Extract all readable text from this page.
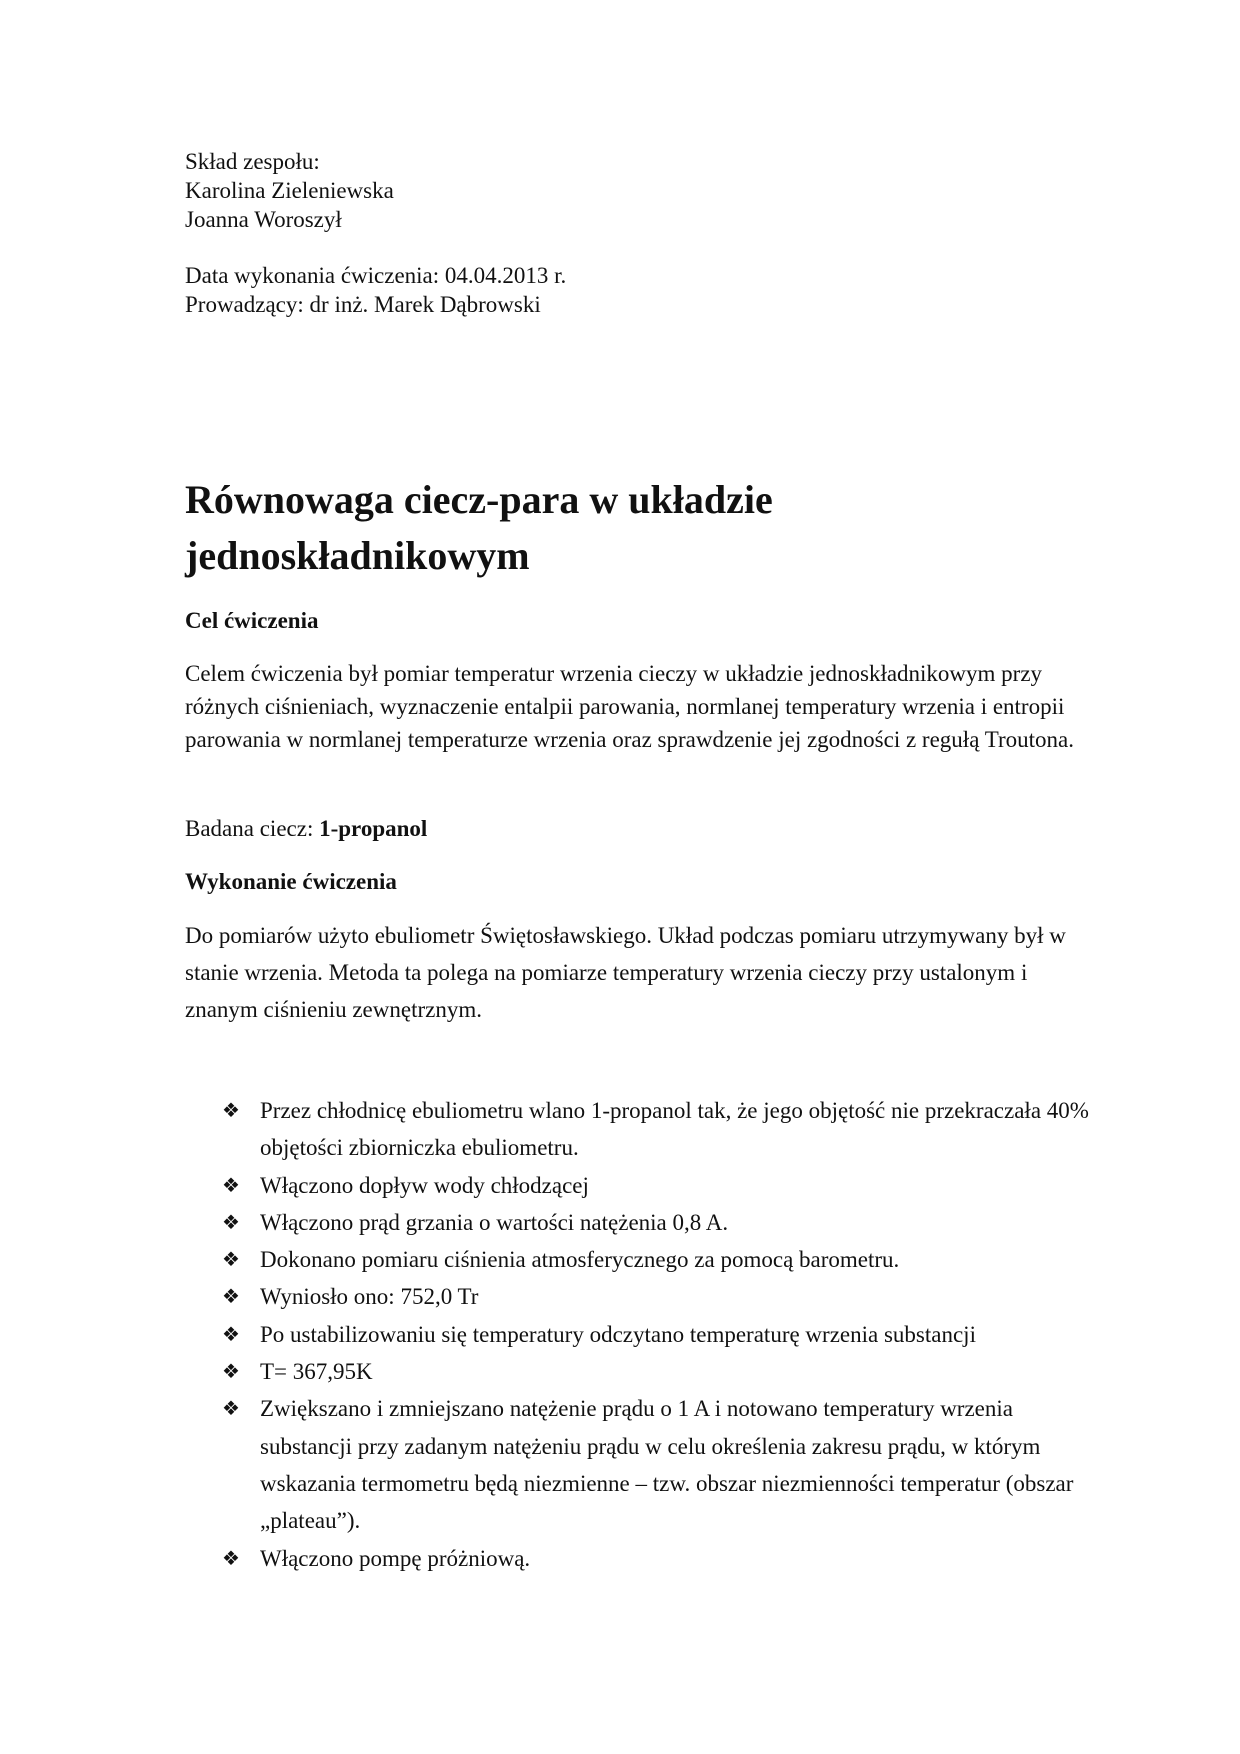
Skład zespołu:
Karolina Zieleniewska
Joanna Woroszył
Data wykonania ćwiczenia: 04.04.2013 r.
Prowadzący: dr inż. Marek Dąbrowski
Równowaga ciecz-para w układzie jednoskładnikowym
Cel ćwiczenia
Celem ćwiczenia był pomiar temperatur wrzenia cieczy w układzie jednoskładnikowym przy różnych ciśnieniach, wyznaczenie entalpii parowania, normlanej temperatury wrzenia i entropii parowania w normlanej temperaturze wrzenia oraz sprawdzenie jej zgodności z regułą Troutona.
Badana ciecz: 1-propanol
Wykonanie ćwiczenia
Do pomiarów użyto ebuliometr Świętosławskiego. Układ podczas pomiaru utrzymywany był w stanie wrzenia. Metoda ta polega na pomiarze temperatury wrzenia cieczy przy ustalonym i znanym ciśnieniu zewnętrznym.
❖ Przez chłodnicę ebuliometru wlano 1-propanol tak, że jego objętość nie przekraczała 40% objętości zbiorniczka ebuliometru.
❖ Włączono dopływ wody chłodzącej
❖ Włączono prąd grzania o wartości natężenia 0,8 A.
❖ Dokonano pomiaru ciśnienia atmosferycznego za pomocą barometru.
❖ Wyniosło ono: 752,0 Tr
❖ Po ustabilizowaniu się temperatury odczytano temperaturę wrzenia substancji
❖ T= 367,95K
❖ Zwiększano i zmniejszano natężenie prądu o 1 A i notowano temperatury wrzenia substancji przy zadanym natężeniu prądu w celu określenia zakresu prądu, w którym wskazania termometru będą niezmienne – tzw. obszar niezmienności temperatur (obszar „plateau”).
❖ Włączono pompę próżniową.
